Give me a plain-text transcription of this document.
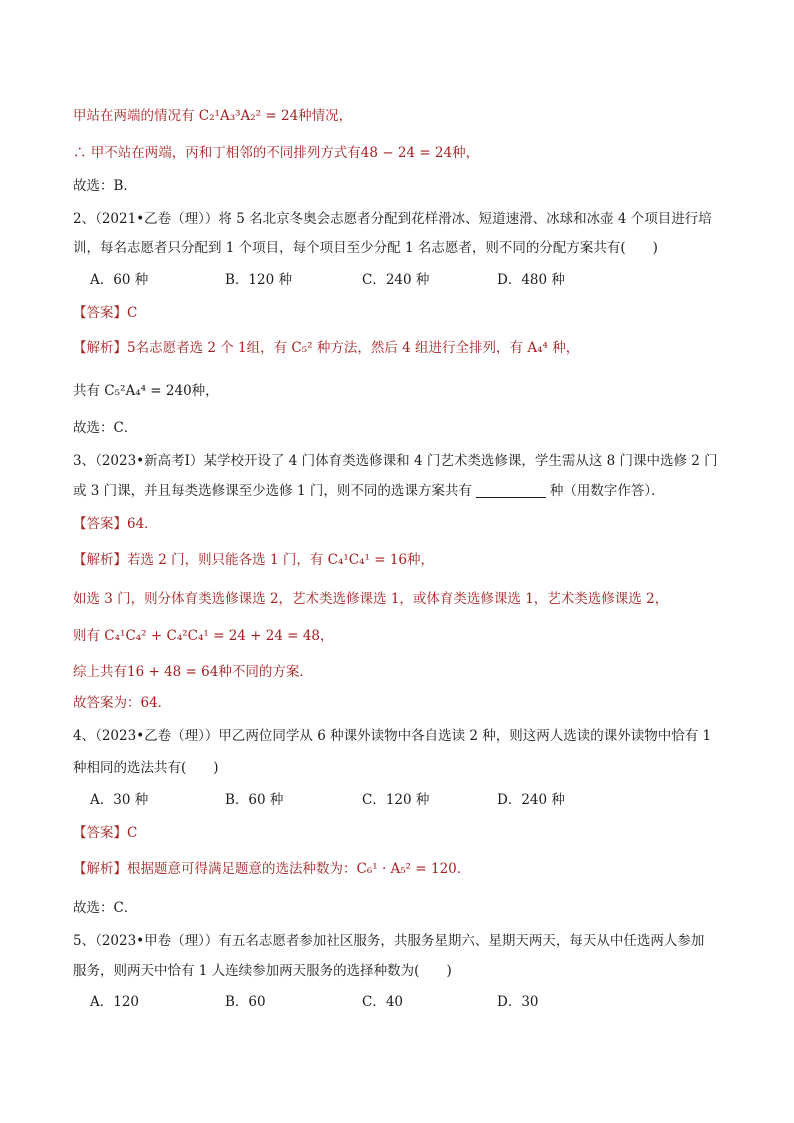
甲站在两端的情况有 C₂¹A₃³A₂² = 24种情况，
∴ 甲不站在两端，丙和丁相邻的不同排列方式有48 − 24 = 24种，
故选：B．
2、（2021•乙卷（理））将 5 名北京冬奥会志愿者分配到花样滑冰、短道速滑、冰球和冰壶 4 个项目进行培
训，每名志愿者只分配到 1 个项目，每个项目至少分配 1 名志愿者，则不同的分配方案共有(　　)
A．60 种	B．120 种	C．240 种	D．480 种
【答案】C
【解析】5名志愿者选 2 个 1组，有 C₅² 种方法，然后 4 组进行全排列，有 A₄⁴ 种，
共有 C₅²A₄⁴ = 240种，
故选：C．
3、（2023•新高考Ⅰ）某学校开设了 4 门体育类选修课和 4 门艺术类选修课，学生需从这 8 门课中选修 2 门
或 3 门课，并且每类选修课至少选修 1 门，则不同的选课方案共有	种（用数字作答）．
【答案】64．
【解析】若选 2 门，则只能各选 1 门，有 C₄¹C₄¹ = 16种，
如选 3 门，则分体育类选修课选 2，艺术类选修课选 1，或体育类选修课选 1，艺术类选修课选 2，
则有 C₄¹C₄² + C₄²C₄¹ = 24 + 24 = 48，
综上共有16 + 48 = 64种不同的方案．
故答案为：64．
4、（2023•乙卷（理））甲乙两位同学从 6 种课外读物中各自选读 2 种，则这两人选读的课外读物中恰有 1
种相同的选法共有(　　)
A．30 种	B．60 种	C．120 种	D．240 种
【答案】C
【解析】根据题意可得满足题意的选法种数为：C₆¹ · A₅² = 120．
故选：C．
5、（2023•甲卷（理））有五名志愿者参加社区服务，共服务星期六、星期天两天，每天从中任选两人参加
服务，则两天中恰有 1 人连续参加两天服务的选择种数为(　　)
A．120	B．60	C．40	D．30
